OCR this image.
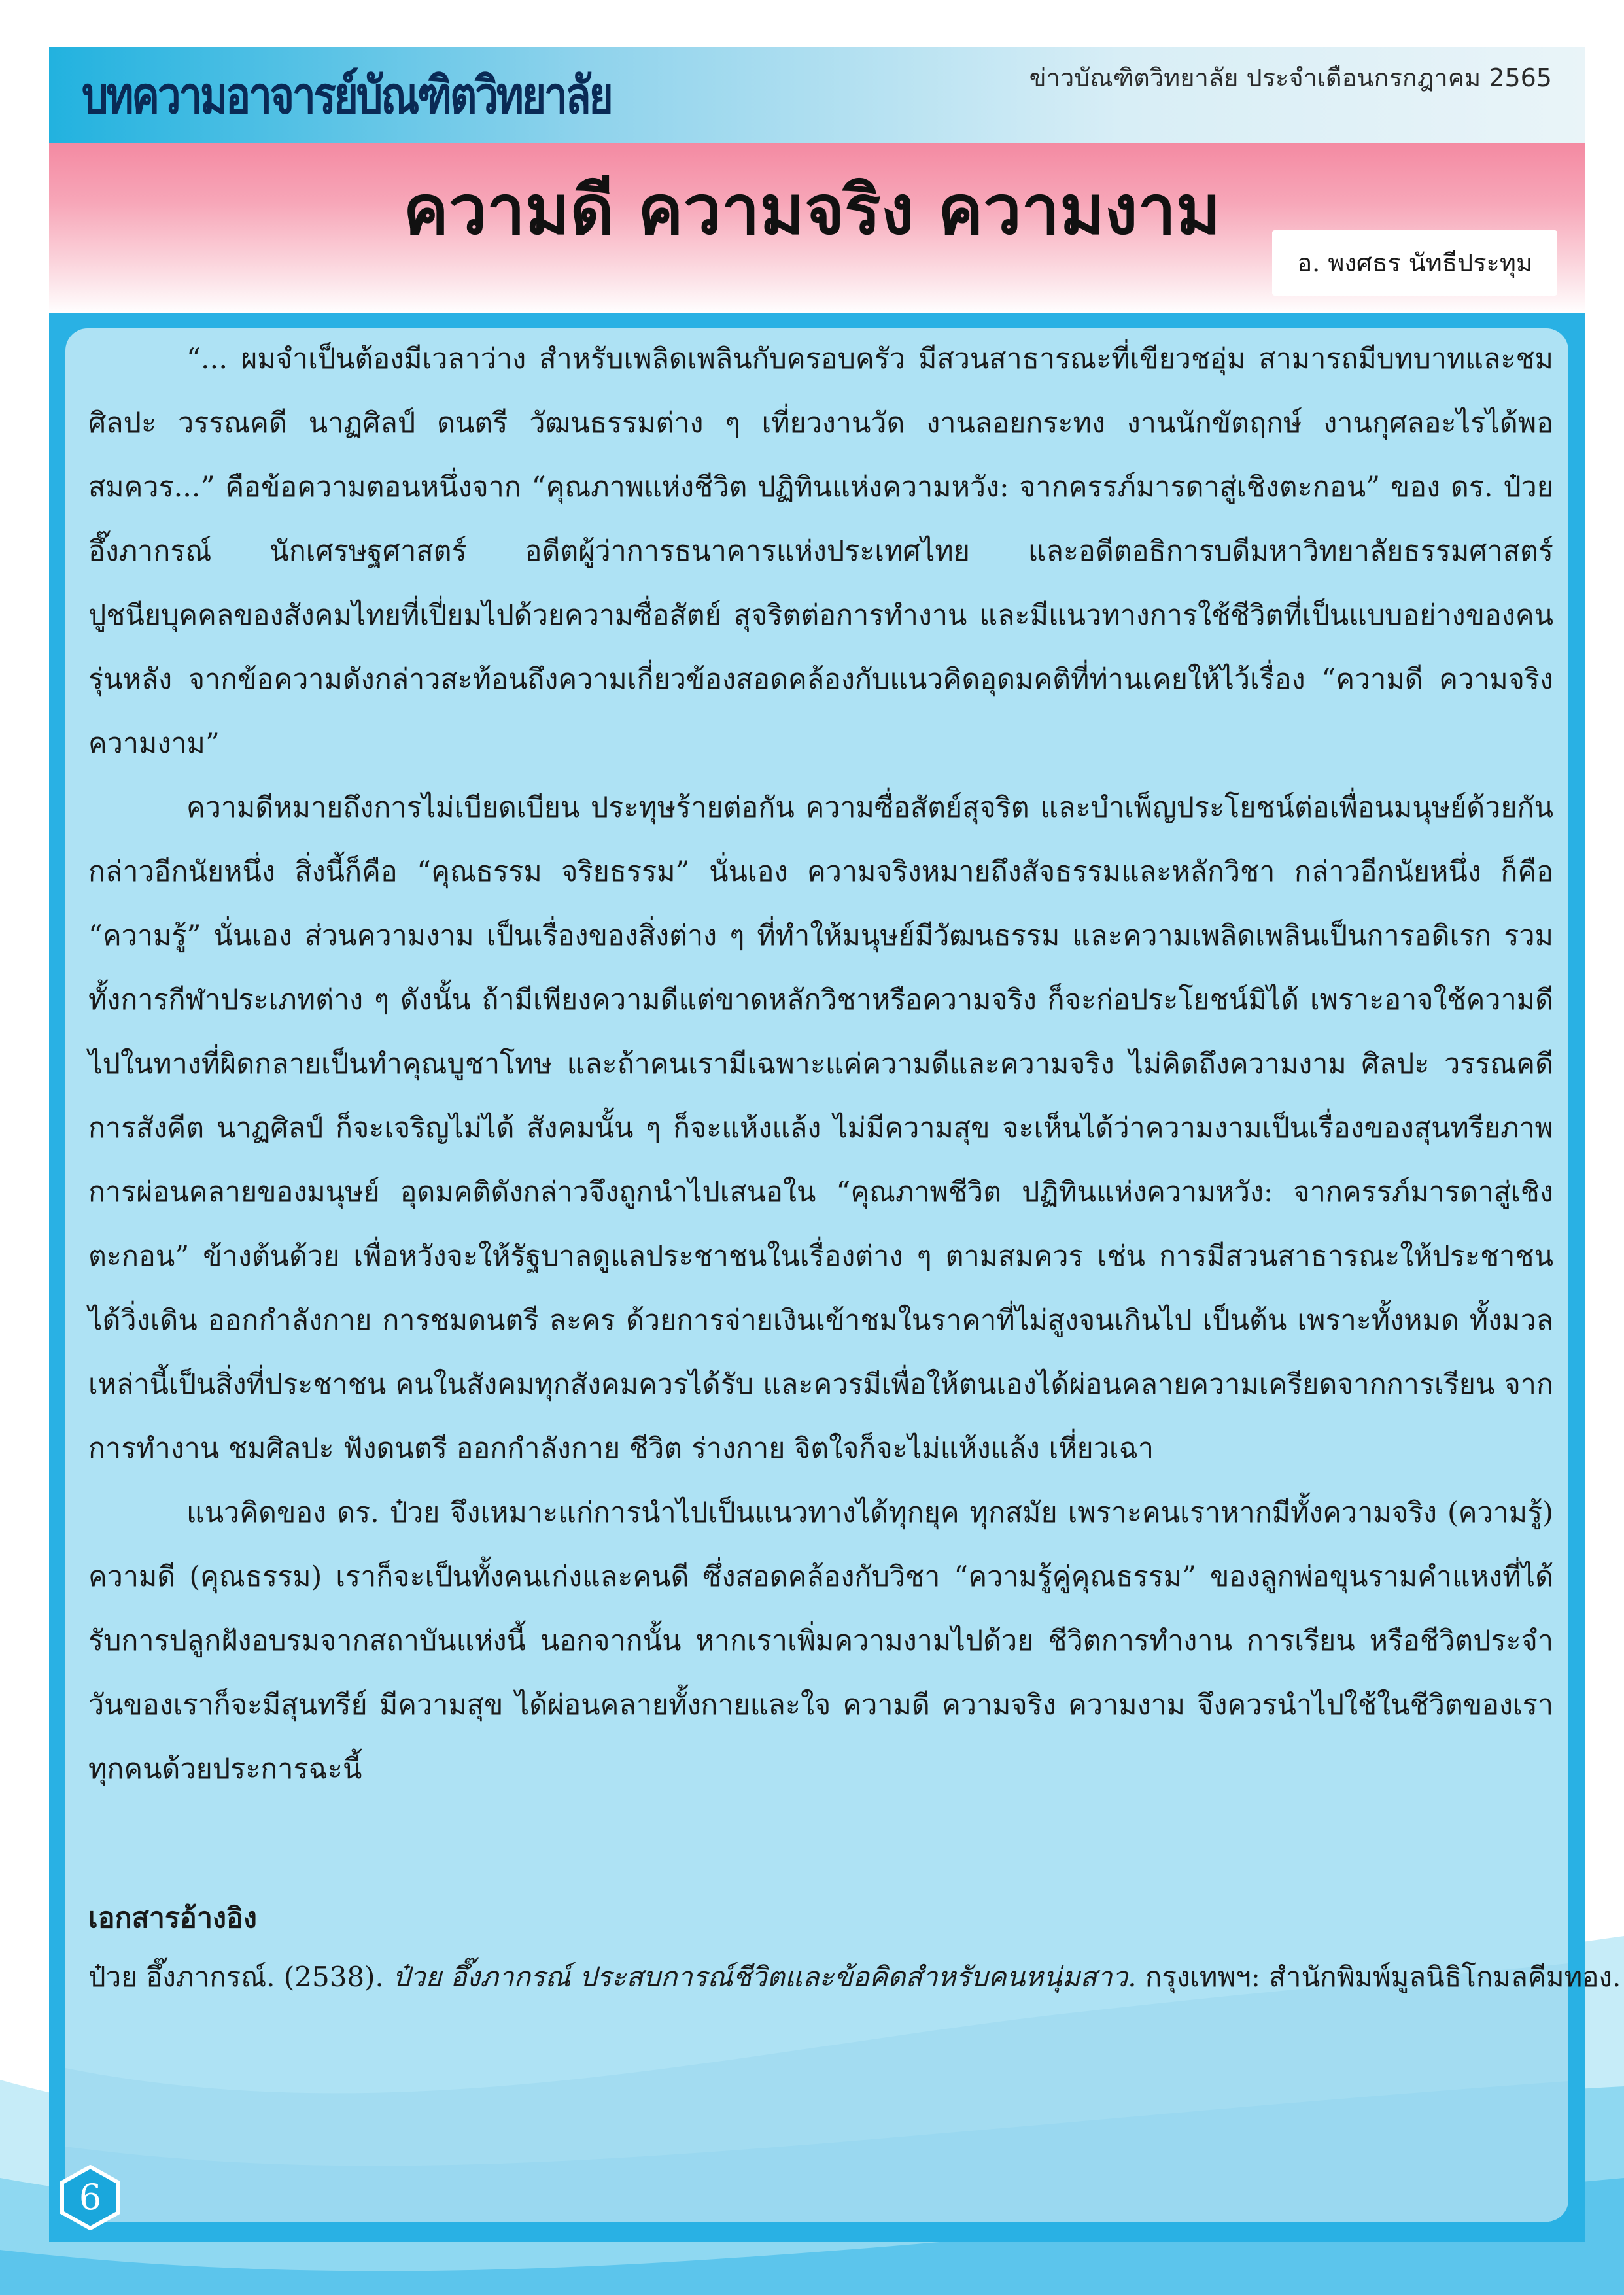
บทความอาจารย์บัณฑิตวิทยาลัย	ข่าวบัณฑิตวิทยาลัย ประจำเดือนกรกฎาคม 2565
ความดี ความจริง ความงาม
อ. พงศธร นัทธีประทุม

“... ผมจำเป็นต้องมีเวลาว่าง สำหรับเพลิดเพลินกับครอบครัว มีสวนสาธารณะที่เขียวชอุ่ม สามารถมีบทบาทและชมศิลปะ วรรณคดี นาฏศิลป์ ดนตรี วัฒนธรรมต่าง ๆ เที่ยวงานวัด งานลอยกระทง งานนักขัตฤกษ์ งานกุศลอะไรได้พอสมควร...” คือข้อความตอนหนึ่งจาก “คุณภาพแห่งชีวิต ปฏิทินแห่งความหวัง: จากครรภ์มารดาสู่เชิงตะกอน” ของ ดร. ป๋วย อึ๊งภากรณ์ นักเศรษฐศาสตร์ อดีตผู้ว่าการธนาคารแห่งประเทศไทย และอดีตอธิการบดีมหาวิทยาลัยธรรมศาสตร์ ปูชนียบุคคลของสังคมไทยที่เปี่ยมไปด้วยความซื่อสัตย์ สุจริตต่อการทำงาน และมีแนวทางการใช้ชีวิตที่เป็นแบบอย่างของคนรุ่นหลัง จากข้อความดังกล่าวสะท้อนถึงความเกี่ยวข้องสอดคล้องกับแนวคิดอุดมคติที่ท่านเคยให้ไว้เรื่อง “ความดี ความจริง ความงาม”

ความดีหมายถึงการไม่เบียดเบียน ประทุษร้ายต่อกัน ความซื่อสัตย์สุจริต และบำเพ็ญประโยชน์ต่อเพื่อนมนุษย์ด้วยกัน กล่าวอีกนัยหนึ่ง สิ่งนี้ก็คือ “คุณธรรม จริยธรรม” นั่นเอง ความจริงหมายถึงสัจธรรมและหลักวิชา กล่าวอีกนัยหนึ่ง ก็คือ “ความรู้” นั่นเอง ส่วนความงาม เป็นเรื่องของสิ่งต่าง ๆ ที่ทำให้มนุษย์มีวัฒนธรรม และความเพลิดเพลินเป็นการอดิเรก รวมทั้งการกีฬาประเภทต่าง ๆ ดังนั้น ถ้ามีเพียงความดีแต่ขาดหลักวิชาหรือความจริง ก็จะก่อประโยชน์มิได้ เพราะอาจใช้ความดีไปในทางที่ผิดกลายเป็นทำคุณบูชาโทษ และถ้าคนเรามีเฉพาะแค่ความดีและความจริง ไม่คิดถึงความงาม ศิลปะ วรรณคดี การสังคีต นาฏศิลป์ ก็จะเจริญไม่ได้ สังคมนั้น ๆ ก็จะแห้งแล้ง ไม่มีความสุข จะเห็นได้ว่าความงามเป็นเรื่องของสุนทรียภาพการผ่อนคลายของมนุษย์ อุดมคติดังกล่าวจึงถูกนำไปเสนอใน “คุณภาพชีวิต ปฏิทินแห่งความหวัง: จากครรภ์มารดาสู่เชิงตะกอน” ข้างต้นด้วย เพื่อหวังจะให้รัฐบาลดูแลประชาชนในเรื่องต่าง ๆ ตามสมควร เช่น การมีสวนสาธารณะให้ประชาชนได้วิ่งเดิน ออกกำลังกาย การชมดนตรี ละคร ด้วยการจ่ายเงินเข้าชมในราคาที่ไม่สูงจนเกินไป เป็นต้น เพราะทั้งหมด ทั้งมวลเหล่านี้เป็นสิ่งที่ประชาชน คนในสังคมทุกสังคมควรได้รับ และควรมีเพื่อให้ตนเองได้ผ่อนคลายความเครียดจากการเรียน จากการทำงาน ชมศิลปะ ฟังดนตรี ออกกำลังกาย ชีวิต ร่างกาย จิตใจก็จะไม่แห้งแล้ง เหี่ยวเฉา

แนวคิดของ ดร. ป๋วย จึงเหมาะแก่การนำไปเป็นแนวทางได้ทุกยุค ทุกสมัย เพราะคนเราหากมีทั้งความจริง (ความรู้) ความดี (คุณธรรม) เราก็จะเป็นทั้งคนเก่งและคนดี ซึ่งสอดคล้องกับวิชา “ความรู้คู่คุณธรรม” ของลูกพ่อขุนรามคำแหงที่ได้รับการปลูกฝังอบรมจากสถาบันแห่งนี้ นอกจากนั้น หากเราเพิ่มความงามไปด้วย ชีวิตการทำงาน การเรียน หรือชีวิตประจำวันของเราก็จะมีสุนทรีย์ มีความสุข ได้ผ่อนคลายทั้งกายและใจ ความดี ความจริง ความงาม จึงควรนำไปใช้ในชีวิตของเราทุกคนด้วยประการฉะนี้

เอกสารอ้างอิง
ป๋วย อึ๊งภากรณ์. (2538). ป๋วย อึ๊งภากรณ์ ประสบการณ์ชีวิตและข้อคิดสำหรับคนหนุ่มสาว. กรุงเทพฯ: สำนักพิมพ์มูลนิธิโกมลคีมทอง.
6
